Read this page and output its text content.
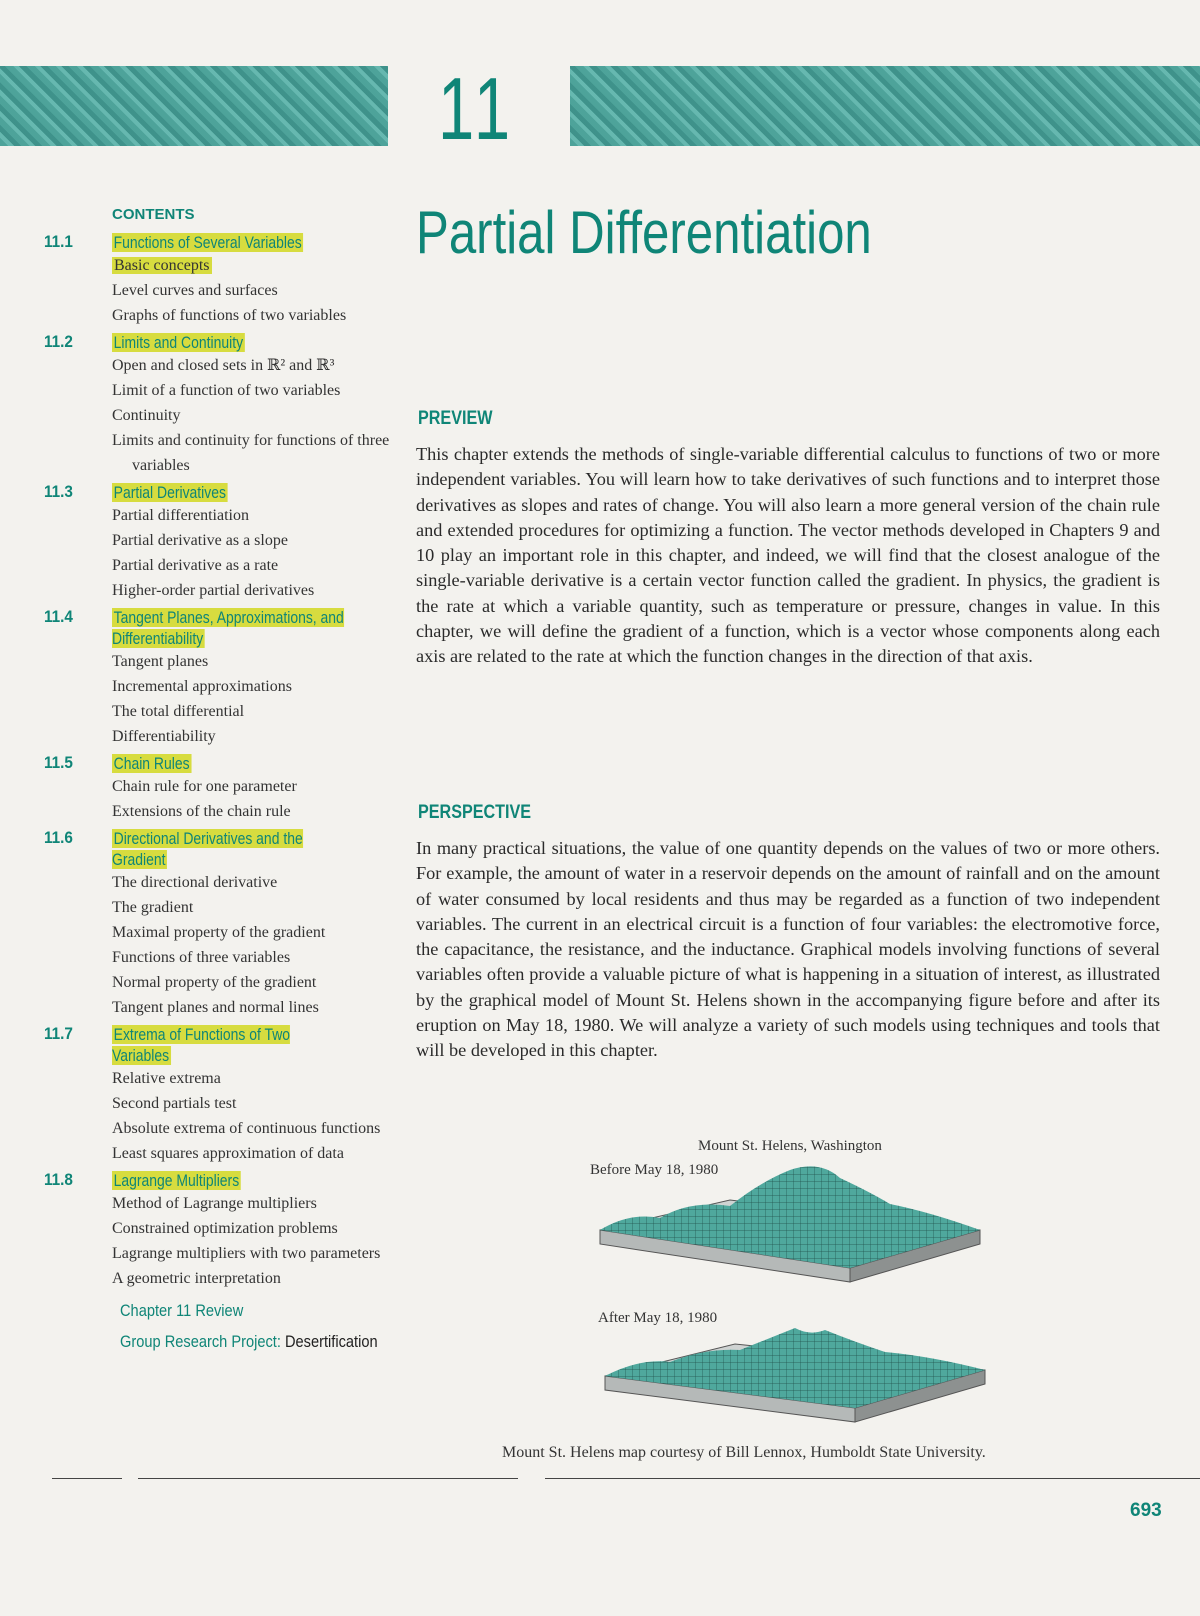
11
Partial Differentiation
CONTENTS
11.1	Functions of Several Variables
Basic concepts
Level curves and surfaces
Graphs of functions of two variables
11.2	Limits and Continuity
Open and closed sets in ℝ² and ℝ³
Limit of a function of two variables
Continuity
Limits and continuity for functions of three variables
11.3	Partial Derivatives
Partial differentiation
Partial derivative as a slope
Partial derivative as a rate
Higher-order partial derivatives
11.4	Tangent Planes, Approximations, and Differentiability
Tangent planes
Incremental approximations
The total differential
Differentiability
11.5	Chain Rules
Chain rule for one parameter
Extensions of the chain rule
11.6	Directional Derivatives and the Gradient
The directional derivative
The gradient
Maximal property of the gradient
Functions of three variables
Normal property of the gradient
Tangent planes and normal lines
11.7	Extrema of Functions of Two Variables
Relative extrema
Second partials test
Absolute extrema of continuous functions
Least squares approximation of data
11.8	Lagrange Multipliers
Method of Lagrange multipliers
Constrained optimization problems
Lagrange multipliers with two parameters
A geometric interpretation
Chapter 11 Review
Group Research Project: Desertification
PREVIEW
This chapter extends the methods of single-variable differential calculus to functions of two or more independent variables. You will learn how to take derivatives of such functions and to interpret those derivatives as slopes and rates of change. You will also learn a more general version of the chain rule and extended procedures for optimizing a function. The vector methods developed in Chapters 9 and 10 play an important role in this chapter, and indeed, we will find that the closest analogue of the single-variable derivative is a certain vector function called the gradient. In physics, the gradient is the rate at which a variable quantity, such as temperature or pressure, changes in value. In this chapter, we will define the gradient of a function, which is a vector whose components along each axis are related to the rate at which the function changes in the direction of that axis.
PERSPECTIVE
In many practical situations, the value of one quantity depends on the values of two or more others. For example, the amount of water in a reservoir depends on the amount of rainfall and on the amount of water consumed by local residents and thus may be regarded as a function of two independent variables. The current in an electrical circuit is a function of four variables: the electromotive force, the capacitance, the resistance, and the inductance. Graphical models involving functions of several variables often provide a valuable picture of what is happening in a situation of interest, as illustrated by the graphical model of Mount St. Helens shown in the accompanying figure before and after its eruption on May 18, 1980. We will analyze a variety of such models using techniques and tools that will be developed in this chapter.
Mount St. Helens, Washington
Before May 18, 1980
After May 18, 1980
Mount St. Helens map courtesy of Bill Lennox, Humboldt State University.
693
